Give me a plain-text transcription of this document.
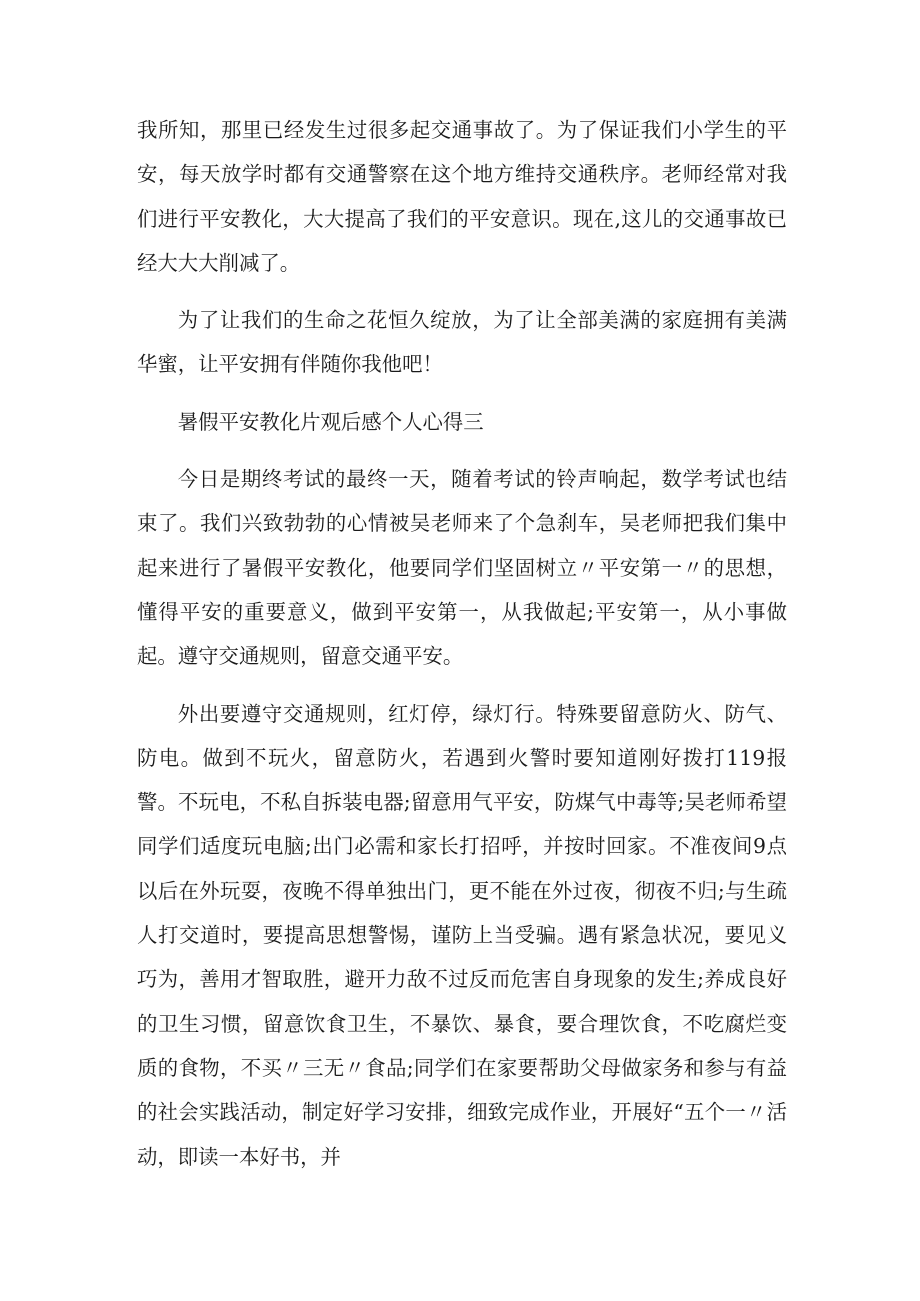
我所知，那里已经发生过很多起交通事故了。为了保证我们小学生的平安，每天放学时都有交通警察在这个地方维持交通秩序。老师经常对我们进行平安教化，大大提高了我们的平安意识。现在,这儿的交通事故已经大大大削减了。

为了让我们的生命之花恒久绽放，为了让全部美满的家庭拥有美满华蜜，让平安拥有伴随你我他吧！

暑假平安教化片观后感个人心得三

今日是期终考试的最终一天，随着考试的铃声响起，数学考试也结束了。我们兴致勃勃的心情被吴老师来了个急刹车，吴老师把我们集中起来进行了暑假平安教化，他要同学们坚固树立〃平安第一〃的思想，懂得平安的重要意义，做到平安第一，从我做起;平安第一，从小事做起。遵守交通规则，留意交通平安。

外出要遵守交通规则，红灯停，绿灯行。特殊要留意防火、防气、防电。做到不玩火，留意防火，若遇到火警时要知道刚好拨打119报警。不玩电，不私自拆装电器;留意用气平安，防煤气中毒等;吴老师希望同学们适度玩电脑;出门必需和家长打招呼，并按时回家。不准夜间9点以后在外玩耍，夜晚不得单独出门，更不能在外过夜，彻夜不归;与生疏人打交道时，要提高思想警惕，谨防上当受骗。遇有紧急状况，要见义巧为，善用才智取胜，避开力敌不过反而危害自身现象的发生;养成良好的卫生习惯，留意饮食卫生，不暴饮、暴食，要合理饮食，不吃腐烂变质的食物，不买〃三无〃食品;同学们在家要帮助父母做家务和参与有益的社会实践活动，制定好学习安排，细致完成作业，开展好“五个一〃活动，即读一本好书，并
